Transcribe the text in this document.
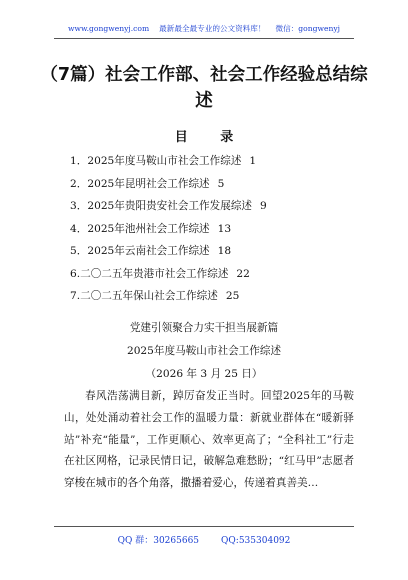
www.gongwenyj.com 最新最全最专业的公文资料库！ 微信：gongwenyj
（7篇）社会工作部、社会工作经验总结综述
目 录
1．2025年度马鞍山市社会工作综述 1
2．2025年昆明社会工作综述 5
3．2025年贵阳贵安社会工作发展综述 9
4．2025年池州社会工作综述 13
5．2025年云南社会工作综述 18
6.二〇二五年贵港市社会工作综述 22
7.二〇二五年保山社会工作综述 25
党建引领聚合力实干担当展新篇
2025年度马鞍山市社会工作综述
（2026 年 3 月 25 日）

春风浩荡满目新，踔厉奋发正当时。回望2025年的马鞍山，处处涌动着社会工作的温暖力量：新就业群体在“暖新驿站”补充“能量”，工作更顺心、效率更高了；“全科社工”行走在社区网格，记录民情日记，破解急难愁盼；“红马甲”志愿者穿梭在城市的各个角落，撒播着爱心，传递着真善美…

QQ 群：30265665 QQ:535304092
